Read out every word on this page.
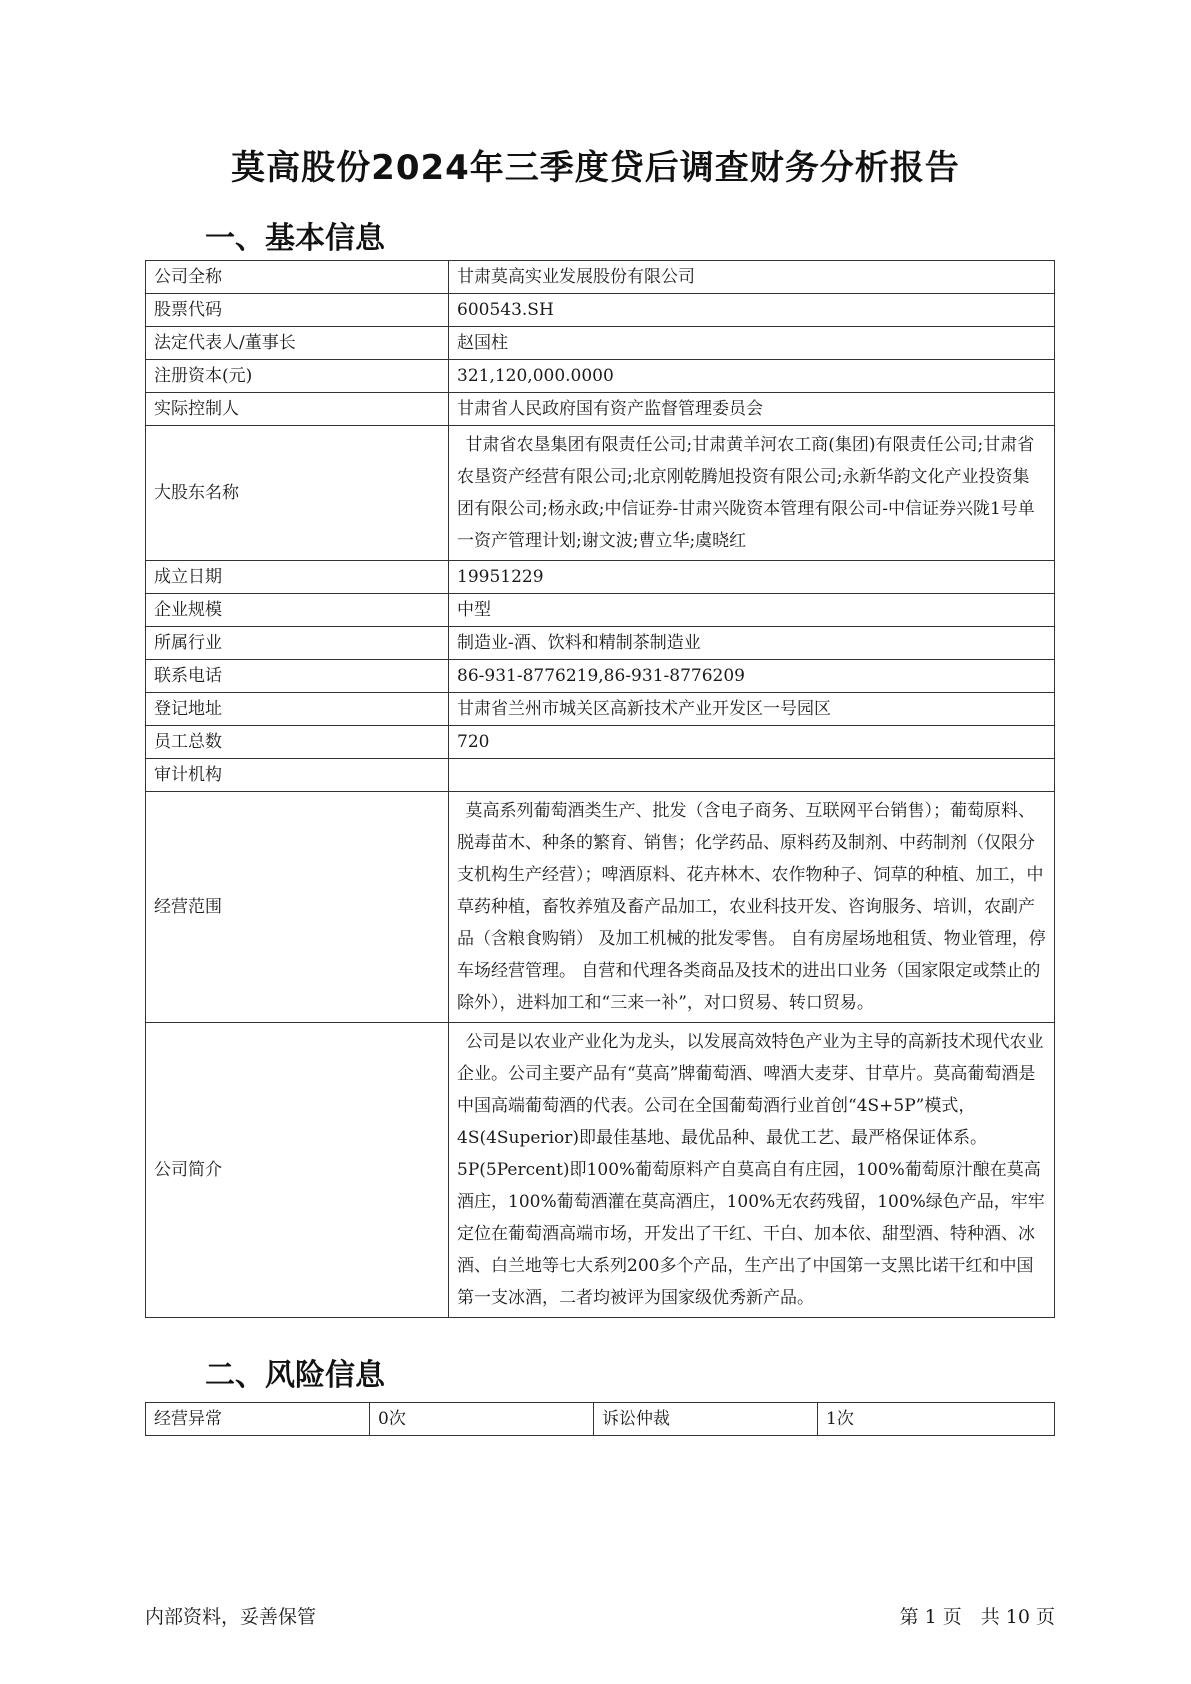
莫高股份2024年三季度贷后调查财务分析报告
一、基本信息
公司全称	甘肃莫高实业发展股份有限公司
股票代码	600543.SH
法定代表人/董事长	赵国柱
注册资本(元)	321,120,000.0000
实际控制人	甘肃省人民政府国有资产监督管理委员会
大股东名称	甘肃省农垦集团有限责任公司;甘肃黄羊河农工商(集团)有限责任公司;甘肃省农垦资产经营有限公司;北京刚乾腾旭投资有限公司;永新华韵文化产业投资集团有限公司;杨永政;中信证券-甘肃兴陇资本管理有限公司-中信证券兴陇1号单一资产管理计划;谢文波;曹立华;虞晓红
成立日期	19951229
企业规模	中型
所属行业	制造业-酒、饮料和精制茶制造业
联系电话	86-931-8776219,86-931-8776209
登记地址	甘肃省兰州市城关区高新技术产业开发区一号园区
员工总数	720
审计机构	
经营范围	莫高系列葡萄酒类生产、批发（含电子商务、互联网平台销售）；葡萄原料、脱毒苗木、种条的繁育、销售；化学药品、原料药及制剂、中药制剂（仅限分支机构生产经营）；啤酒原料、花卉林木、农作物种子、饲草的种植、加工，中草药种植，畜牧养殖及畜产品加工，农业科技开发、咨询服务、培训，农副产品（含粮食购销） 及加工机械的批发零售。 自有房屋场地租赁、物业管理，停车场经营管理。 自营和代理各类商品及技术的进出口业务（国家限定或禁止的除外），进料加工和“三来一补”，对口贸易、转口贸易。
公司简介	公司是以农业产业化为龙头，以发展高效特色产业为主导的高新技术现代农业企业。公司主要产品有“莫高”牌葡萄酒、啤酒大麦芽、甘草片。莫高葡萄酒是中国高端葡萄酒的代表。公司在全国葡萄酒行业首创“4S+5P”模式，4S(4Superior)即最佳基地、最优品种、最优工艺、最严格保证体系。5P(5Percent)即100%葡萄原料产自莫高自有庄园，100%葡萄原汁酿在莫高酒庄，100%葡萄酒灌在莫高酒庄，100%无农药残留，100%绿色产品，牢牢定位在葡萄酒高端市场，开发出了干红、干白、加本依、甜型酒、特种酒、冰酒、白兰地等七大系列200多个产品，生产出了中国第一支黑比诺干红和中国第一支冰酒，二者均被评为国家级优秀新产品。
二、风险信息
经营异常	0次	诉讼仲裁	1次
内部资料，妥善保管	第 1 页　共 10 页
